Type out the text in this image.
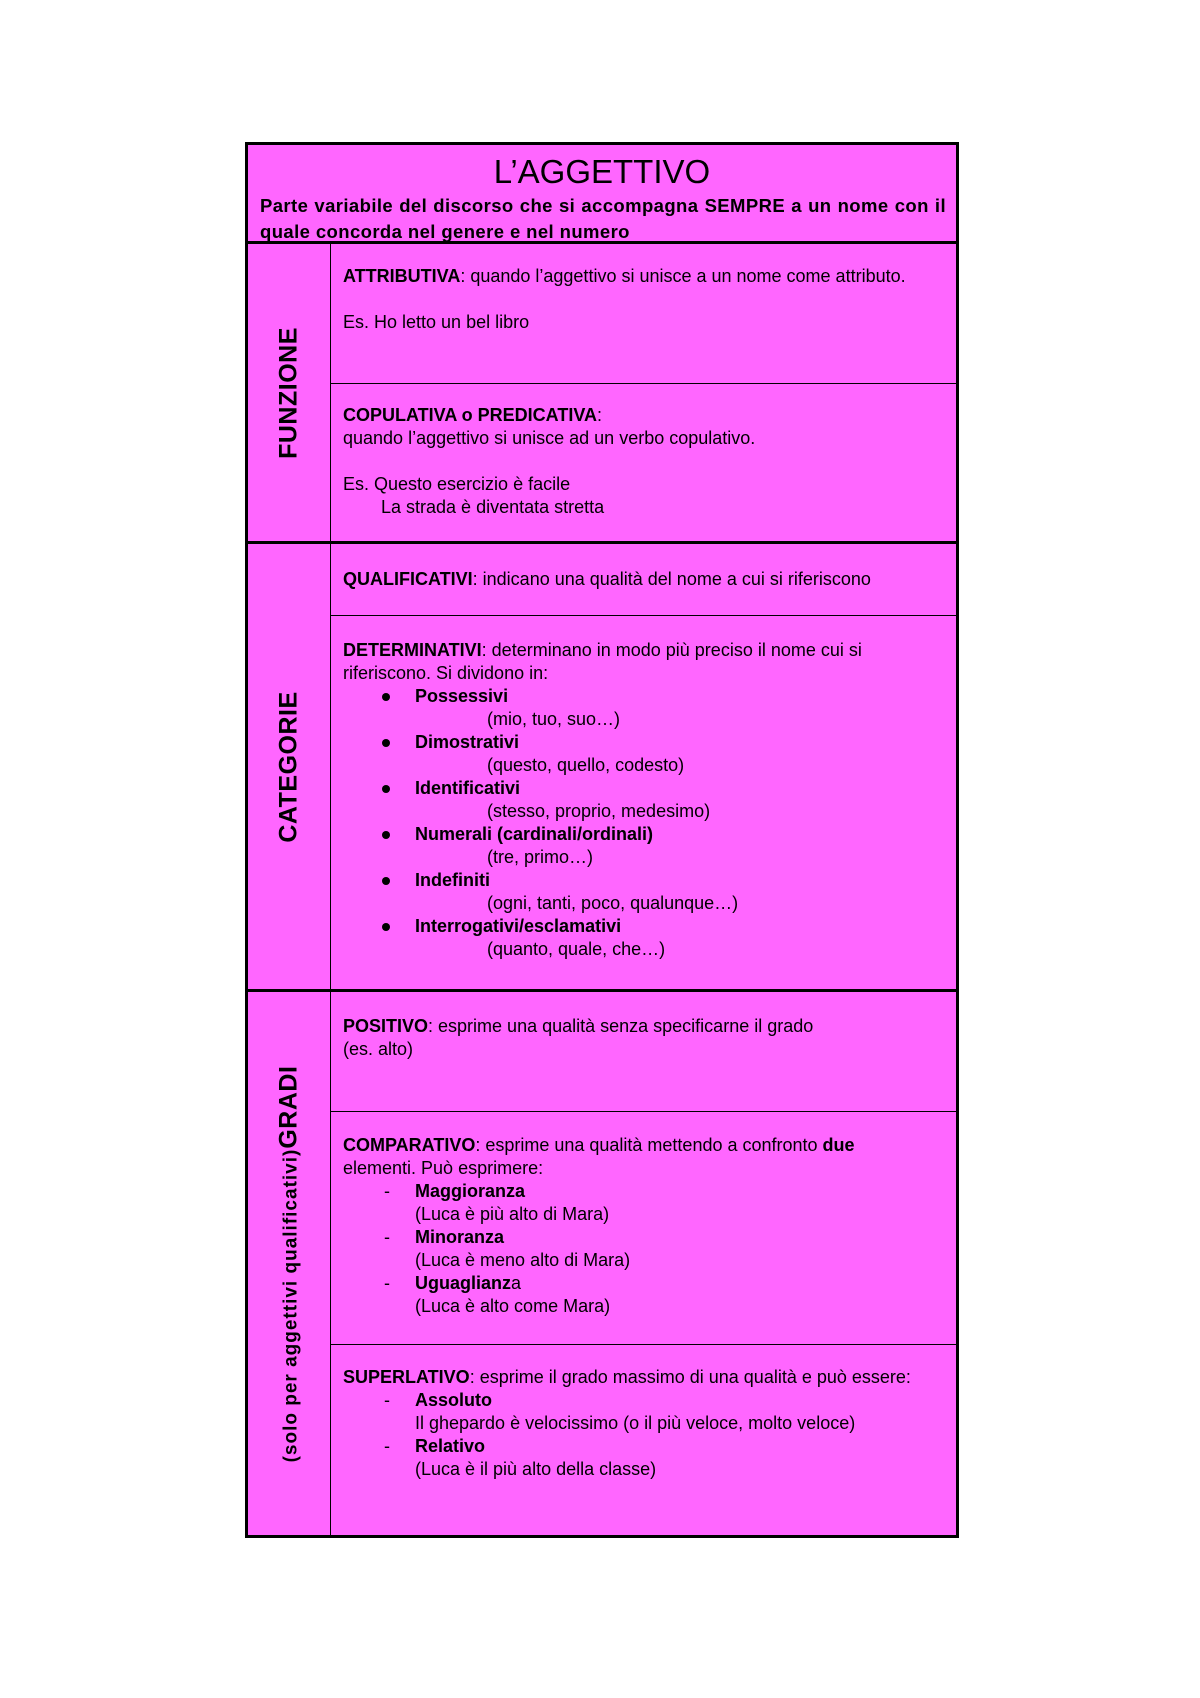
L’AGGETTIVO
Parte variabile del discorso che si accompagna SEMPRE a un nome con il quale concorda nel genere e nel numero
FUNZIONE

ATTRIBUTIVA: quando l’aggettivo si unisce a un nome come attributo.

Es. Ho letto un bel libro

COPULATIVA o PREDICATIVA:

quando l’aggettivo si unisce ad un verbo copulativo.

Es. Questo esercizio è facile

La strada è diventata stretta

CATEGORIE

QUALIFICATIVI: indicano una qualità del nome a cui si riferiscono

DETERMINATIVI: determinano in modo più preciso il nome cui si riferiscono. Si dividono in:

Possessivi
(mio, tuo, suo…)
Dimostrativi
(questo, quello, codesto)
Identificativi
(stesso, proprio, medesimo)
Numerali (cardinali/ordinali)
(tre, primo…)
Indefiniti
(ogni, tanti, poco, qualunque…)
Interrogativi/esclamativi
(quanto, quale, che…)
(solo per aggettivi qualificativi)GRADI

POSITIVO: esprime una qualità senza specificarne il grado

(es. alto)

COMPARATIVO: esprime una qualità mettendo a confronto due

elementi. Può esprimere:

-	Maggioranza
(Luca è più alto di Mara)
-	Minoranza
(Luca è meno alto di Mara)
-	Uguaglianza
(Luca è alto come Mara)

SUPERLATIVO: esprime il grado massimo di una qualità e può essere:

-	Assoluto
Il ghepardo è velocissimo (o il più veloce, molto veloce)
-	Relativo
(Luca è il più alto della classe)
